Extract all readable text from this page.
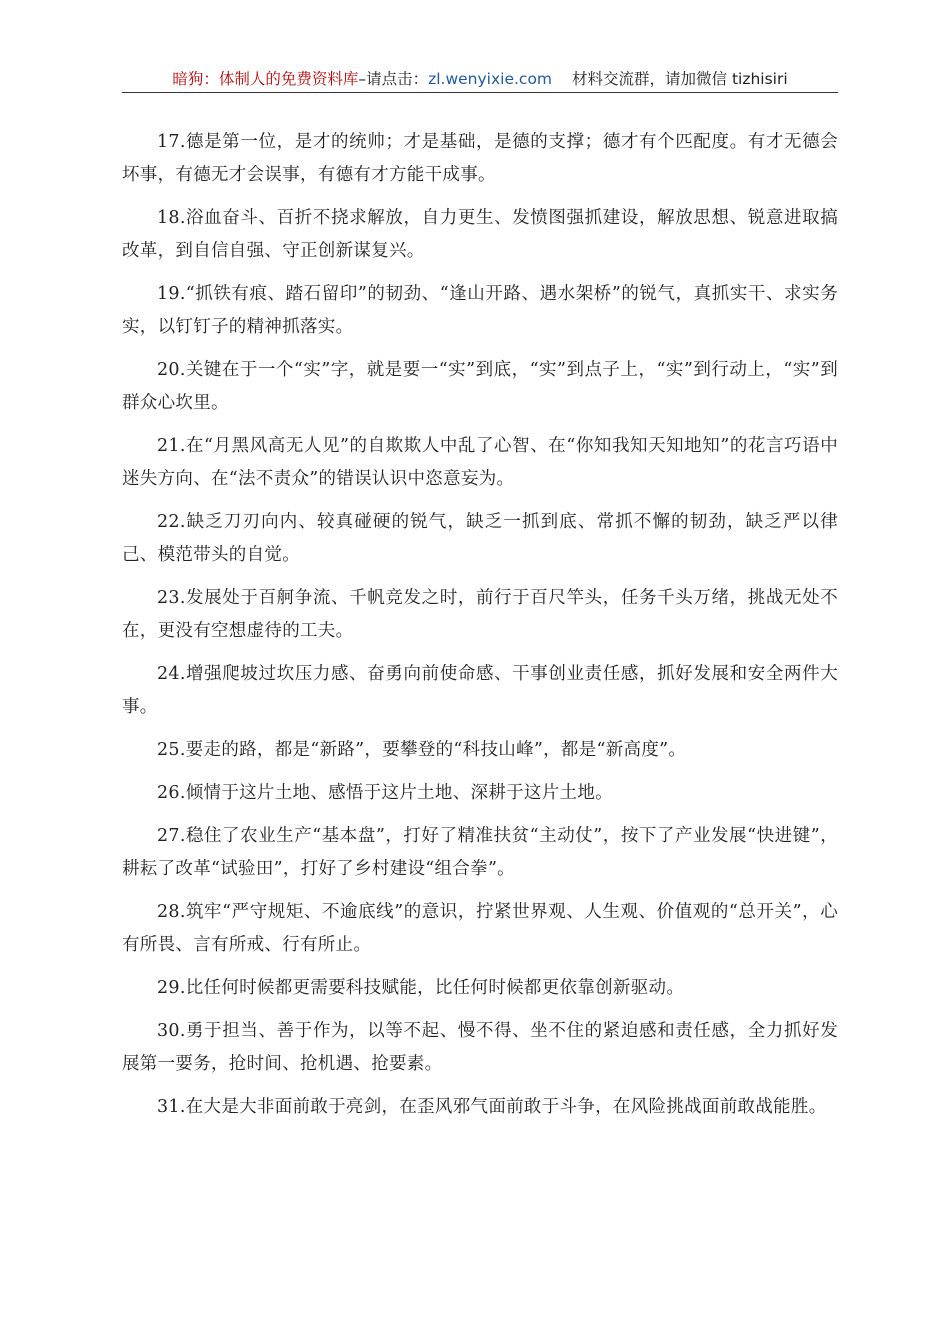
暗狗：体制人的免费资料库–请点击：zl.wenyixie.com 材料交流群，请加微信 tizhisiri

17.德是第一位，是才的统帅；才是基础，是德的支撑；德才有个匹配度。有才无德会坏事，有德无才会误事，有德有才方能干成事。

18.浴血奋斗、百折不挠求解放，自力更生、发愤图强抓建设，解放思想、锐意进取搞改革，到自信自强、守正创新谋复兴。

19.“抓铁有痕、踏石留印”的韧劲、“逢山开路、遇水架桥”的锐气，真抓实干、求实务实，以钉钉子的精神抓落实。

20.关键在于一个“实”字，就是要一“实”到底，“实”到点子上，“实”到行动上，“实”到群众心坎里。

21.在“月黑风高无人见”的自欺欺人中乱了心智、在“你知我知天知地知”的花言巧语中迷失方向、在“法不责众”的错误认识中恣意妄为。

22.缺乏刀刃向内、较真碰硬的锐气，缺乏一抓到底、常抓不懈的韧劲，缺乏严以律己、模范带头的自觉。

23.发展处于百舸争流、千帆竞发之时，前行于百尺竿头，任务千头万绪，挑战无处不在，更没有空想虚待的工夫。

24.增强爬坡过坎压力感、奋勇向前使命感、干事创业责任感，抓好发展和安全两件大事。

25.要走的路，都是“新路”，要攀登的“科技山峰”，都是“新高度”。

26.倾情于这片土地、感悟于这片土地、深耕于这片土地。

27.稳住了农业生产“基本盘”，打好了精准扶贫“主动仗”，按下了产业发展“快进键”，耕耘了改革“试验田”，打好了乡村建设“组合拳”。

28.筑牢“严守规矩、不逾底线”的意识，拧紧世界观、人生观、价值观的“总开关”，心有所畏、言有所戒、行有所止。

29.比任何时候都更需要科技赋能，比任何时候都更依靠创新驱动。

30.勇于担当、善于作为，以等不起、慢不得、坐不住的紧迫感和责任感，全力抓好发展第一要务，抢时间、抢机遇、抢要素。

31.在大是大非面前敢于亮剑，在歪风邪气面前敢于斗争，在风险挑战面前敢战能胜。
